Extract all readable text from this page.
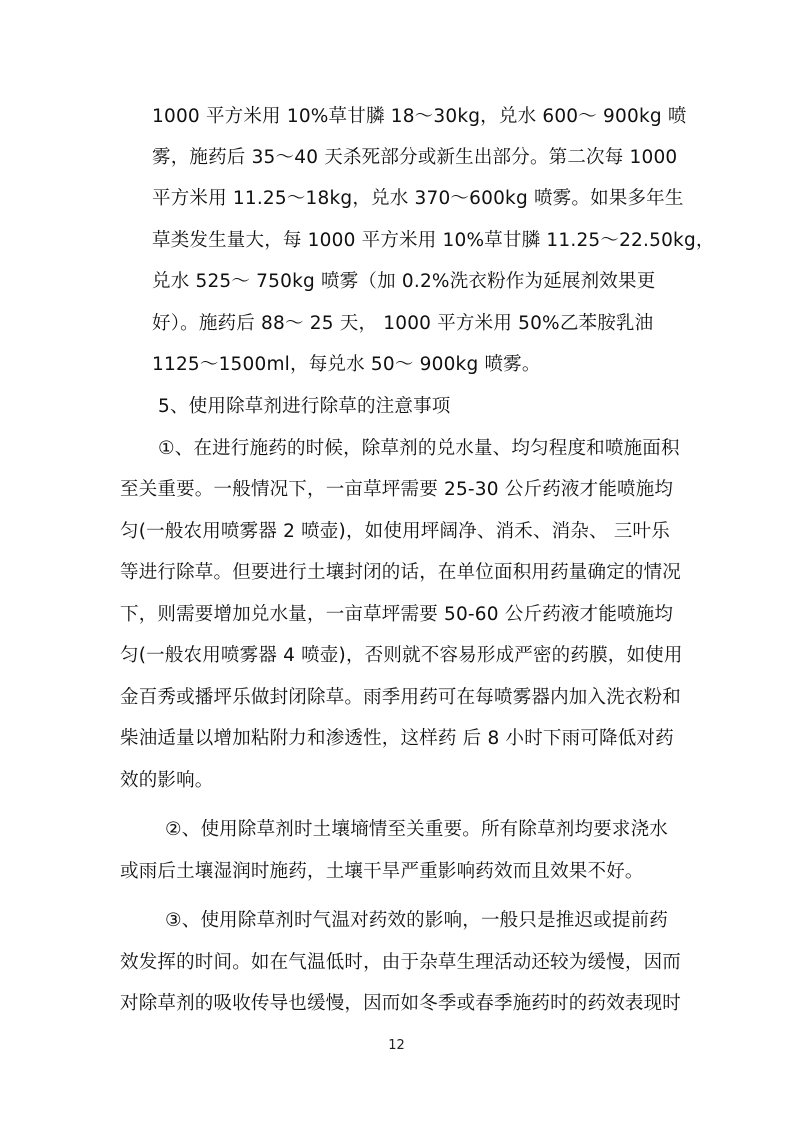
1000 平方米用 10%草甘膦 18～30kg，兑水 600～ 900kg 喷
雾，施药后 35～40 天杀死部分或新生出部分。第二次每 1000
平方米用 11.25～18kg，兑水 370～600kg 喷雾。如果多年生
草类发生量大，每 1000 平方米用 10%草甘膦 11.25～22.50kg，
兑水 525～ 750kg 喷雾（加 0.2%洗衣粉作为延展剂效果更
好）。施药后 88～ 25 天， 1000 平方米用 50%乙苯胺乳油
1125～1500ml，每兑水 50～ 900kg 喷雾。
5、使用除草剂进行除草的注意事项
①、在进行施药的时候，除草剂的兑水量、均匀程度和喷施面积
至关重要。一般情况下，一亩草坪需要 25-30 公斤药液才能喷施均
匀(一般农用喷雾器 2 喷壶)，如使用坪阔净、消禾、消杂、 三叶乐
等进行除草。但要进行土壤封闭的话，在单位面积用药量确定的情况
下，则需要增加兑水量，一亩草坪需要 50-60 公斤药液才能喷施均
匀(一般农用喷雾器 4 喷壶)，否则就不容易形成严密的药膜，如使用
金百秀或播坪乐做封闭除草。雨季用药可在每喷雾器内加入洗衣粉和
柴油适量以增加粘附力和渗透性，这样药 后 8 小时下雨可降低对药
效的影响。
②、使用除草剂时土壤墒情至关重要。所有除草剂均要求浇水
或雨后土壤湿润时施药，土壤干旱严重影响药效而且效果不好。
③、使用除草剂时气温对药效的影响，一般只是推迟或提前药
效发挥的时间。如在气温低时，由于杂草生理活动还较为缓慢，因而
对除草剂的吸收传导也缓慢，因而如冬季或春季施药时的药效表现时
12
